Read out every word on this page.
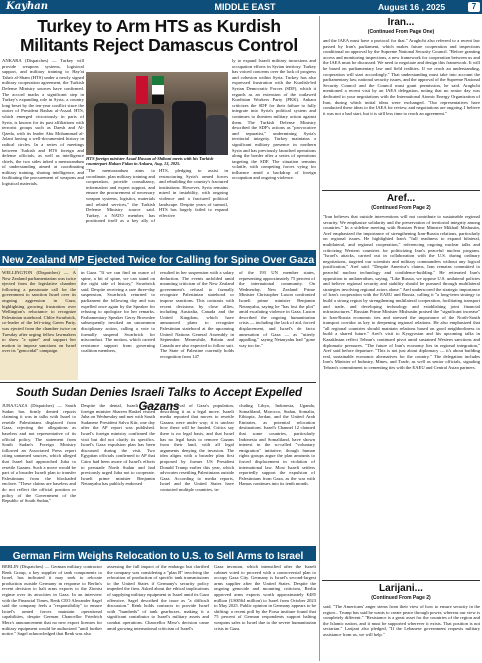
Kayhan	MIDDLE EAST	August 16 , 2025	7
Turkey to Arm HTS as Kurdish Militants Reject Damascus Control
ANKARA (Dispatches) — Turkey will provide weapons systems, logistical support, and military training to Hay'at Tahrir al-Sham (HTS) under a newly signed military cooperation agreement, the Turkish Defense Ministry sources have confirmed. The accord marks a significant step in Turkey's expanding role in Syria, a country long beset by the ten-year conflict since the ouster of President Bashar al-Assad. HTS, which emerged victoriously in parts of Syria, is known for its past affiliations with terrorist groups such as Daesh and Al-Qaeda, with its leader Abu Mohammad al-Jolani having a well-documented history in radical circles. In a series of meetings between Turkish and HTS foreign and defense officials, as well as intelligence chiefs, the two sides inked a memorandum of understanding aimed at coordinating military training, sharing intelligence, and facilitating the procurement of weapons and logistical materials.
HTS foreign minister Assad Hassan al-Shibani meets with his Turkish counterpart Hakan Fidan in Ankara, Aug. 13, 2025.
"The memorandum aims to coordinate, plan military training and cooperation, provide consultancy, information and expert support, and ensure the procurement of necessary weapon systems, logistics, materials and related services," the Turkish Defense Ministry source said. Turkey, a NATO member, has positioned itself as a key ally of HTS, pledging to assist in restructuring Syria's armed forces and rebuilding the country's fractured institutions. However, Syria remains mired in instability, with ongoing violence and a fractured political landscape. Despite years of turmoil, HTS has largely failed to expand effective
ly to expand Israeli military incursions and occupation efforts in Syrian territory. Turkey has voiced concerns over the lack of progress and cohesion within Syria. Turkey has also expressed frustration with the Kurdish-led Syrian Democratic Forces (SDF), which it regards as an extension of the outlawed Kurdistan Workers Party (PKK). Ankara criticizes the SDF for their failure to fully integrate into Syria's political system and continues to threaten military action against them. The Turkish Defense Ministry described the SDF's actions as "provocative and separatist," undermining Syria's territorial integrity. Turkey maintains a significant military presence in northern Syria and has previously launched operations along the border after a series of operations targeting the SDF. The situation remains volatile, with competing forces vying for influence amid a backdrop of foreign occupation and ongoing violence.
New Zealand MP Ejected Twice for Calling for Spine Over Gaza
WELLINGTON (Dispatches) — A New Zealand parliamentarian was twice ejected from the legislative chamber following a passionate call for the government to sanction Israel over its ongoing aggression in Gaza, highlighting growing frustration over Wellington's reluctance to recognize Palestinian statehood. Chlöe Swarbrick, co-leader of the left-wing Green Party, was ejected from the chamber twice on Tuesday after urging fellow lawmakers to show "a spine" and support her motion to impose sanctions on Israel over its "genocidal" campaign
in Gaza. "If we can find an ounce of spine, a bit of spine, we can stand on the right side of history," Swarbrick said. Despite receiving a rare three-day suspension, Swarbrick returned to parliament the following day and was expelled once again by the Speaker for refusing to apologize for her remarks. Parliamentary Speaker Gerry Brownlee subsequently invoked an uncommon disciplinary action, calling a vote to formally suspend Swarbrick for misconduct. The motion, which carried resistance support from governing coalition members,
resulted in her suspension with a salary deduction. The events unfolded amid mounting criticism of the New Zealand government's refusal to formally recognize Palestinian statehood or impose sanctions. This contrasts with recent decisions by close allies, including Australia, Canada and the United Kingdom, which have announced plans to recognize Palestinian statehood at the upcoming United Nations General Assembly in September. Meanwhile, Britain and Canada are also expected to follow suit. The State of Palestine currently holds recognition from 147
of the 193 UN member states, representing approximately 75 percent of the international community. On Wednesday, New Zealand Prime Minister Christopher Luxon confronted Israeli prime minister Benjamin Netanyahu, saying he "has lost the plot" amid escalating violence in Gaza. Luxon described the ongoing humanitarian crisis — including the lack of aid, forced displacement, and Israel's de facto annexation of Gaza — as "utterly appalling," saying Netanyahu had "gone way too far."
South Sudan Denies Israeli Talks to Accept Expelled Gazans
JUBA/GAZA (Dispatches) — South Sudan has firmly denied reports claiming it was in talks with Israel to resettle Palestinians displaced from Gaza, rejecting the allegations as baseless and not representative of its official policy. The statement from South Sudan's Foreign Ministry followed an Associated Press report citing unnamed sources, which alleged that Israel had approached Juba to resettle Gazans. Such a move would be part of a broader Israeli plan to transfer Palestinians from the blockaded enclave. "These claims are baseless and do not reflect the official position or policy of the Government of the Republic of South Sudan,"
Despite the denial, Israeli deputy foreign minister Sharren Haskel visited Juba on Wednesday and met with South Sudanese President Salva Kiir, one day after the AP report was published. Israel's foreign ministry confirmed the visit but did not clarify its specifics. Israel's Gaza expulsion plan has been discussed during the visit. Two Egyptian officials confirmed to AP that Cairo had been aware of Israel's efforts to persuade North Sudan and had previously urged Juba not to cooperate. Israeli prime minister Benjamin Netanyahu has publicly endorsed
the removal of Gaza's population, describing it as a legal move. Israeli media reported that moves to resettle Gazans were under way; it is unclear how these will be funded. Critics say there is no legal basis, and that Israel has no legal basis to remove Gazans from their land, with all legal arguments denying the invasion. The idea aligns with a broader plan first proposed by former US President Donald Trump earlier this year, which advocates resettling Palestinians outside Gaza. According to media reports, Israel and the United States have contacted multiple countries, in-
cluding Libya, Indonesia, Uganda, Somaliland, Morocco, Sudan, Somalia, Ethiopia, Jordan, and the United Arab Emirates, as potential relocation destinations. Israel's Channel 12 claimed that some countries, particularly Indonesia and Somaliland, have shown interest in the so-called "voluntary emigration" initiative, though human rights groups argue the plan amounts to forced displacement in violation of international law. Most Israeli settlers reportedly support the expulsion of Palestinians from Gaza, as the war with Hamas continues into its tenth month.
German Firm Weighs Relocation to U.S. to Sell Arms to Israel
BERLIN (Dispatches) — German military contractor Renk Group, a key supplier of tank components to Israel, has indicated it may seek to relocate production outside Germany in response to Berlin's recent decision to halt arms exports to the Zionist regime over its atrocities in Gaza. In an interview with the Financial Times, Renk CEO Alexander Sagel said the company feels a "responsibility" to ensure Israel's armed forces maintain operational capabilities, despite German Chancellor Friedrich Merz's announcement that no new export licenses for military equipment would be authorized "until further notice." Sagel acknowledged that Renk was also
assessing the full impact of the embargo but clarified the company was considering a "plan B" involving the relocation of production of specific tank transmissions to the United States if Germany's security policy impeded the firm. Asked about the ethical implications of supplying military equipment to Israel amid its Gaza offensive, Sagel described the issue as "a difficult discussion." Renk holds contracts to provide Israel with "hundreds" of tank gearboxes, making it a significant contributor to Israel's military assets and combat operations. Chancellor Merz's decision came amid growing international criticism of Israel's
Gaza invasion, which intensified after the Israeli cabinet voted to proceed with a controversial plan to occupy Gaza City. Germany is Israel's second-largest arms supplier after the United States. Despite the ongoing genocide and mounting criticism, Berlin approved arms exports worth approximately €485 million (US$564 million) to Israel from October 2023 to May 2025. Public opinion in Germany appears to be shifting: a recent poll by the Forsa institute found that 75 percent of German respondents support halting weapons sales to Israel due to the severe humanitarian crisis in Gaza.
Iran...
(Continued From Page One)
and the IAEA must have a protocol for that." Araghchi also referred to a recent law passed by Iran's parliament, which makes future cooperation and inspections conditional on approval by the Supreme National Security Council. "Before granting access and monitoring inspections, a new framework for cooperation between us and the IAEA must be discussed. We need to negotiate and design this framework. It will be based on parliamentary law and field realities. If we reach an understanding, cooperation will start accordingly." That understanding must take into account the parliamentary law, national security issues, and the approval of the Supreme National Security Council and the Council must grant permission, he said. Araghchi mentioned a recent visit by an IAEA delegation, noting that no senior day was dedicated to your negotiations with the International Atomic Energy Organization of Iran, during which initial ideas were exchanged. "Our representatives have conducted these ideas to the IAEA for review, and negotiations are ongoing. I believe it was not a bad start, but it is still less time to reach an agreement."
Aref...
(Continued From Page 2)
"Iran believes that outside interventions will not contribute to sustainable regional security. We emphasize solidarity and the preservation of territorial integrity among countries." In a sideline meeting with Russian Prime Minister Mikhail Mishustin, Aref emphasized the importance of strengthening Iran-Russia relations, particularly on regional issues. He highlighted Iran's "full readiness to expand bilateral, multilateral, and regional cooperation," referencing ongoing nuclear talks and criticizing Western countries for politicizing Iran's peaceful nuclear program. "Israel's attacks, carried out in collaboration with the U.S. during ordinary negotiations, targeted our scientists and military commanders without any logical justification," Aref said. "Despite America's claims, Iran remains committed to peaceful nuclear technology and confidence-building." He reiterated Iran's opposition to unilateralism, saying, "Like Russia, we oppose U.S. unilateral policies and believe regional security and stability should be pursued through multilateral strategies involving regional actors alone." Aref underscored the strategic importance of Iran's cooperation with the EAEU and Russia, calling it "a long-term strategy to build a strong region by strengthening multilateral cooperation, facilitating transport and trade, and developing technology and establishing joint financial infrastructures." Russian Prime Minister Mishustin praised the "significant increase" in Iran-Russia economic ties and stressed the importance of the North-South transport corridor as key to deepening regional relations. He also emphasized that "all regional countries should maintain relations based on good neighborliness to build a shared future." Aref's visit to Kyrgyzstan and his upcoming talks in Kazakhstan reflect Tehran's continued pivot amid sustained Western sanctions and diplomatic pressures. "The future of Iran's economy lies in regional integration," Aref said before departure. "This is not just about diplomacy — it's about building real, sustainable economic alternatives for the country." The delegation includes Iran's Minister of Industry, Mines, and Trade, as well as senior officials, signaling Tehran's commitment to cementing ties with the EAEU and Central Asian partners.
Larijani...
(Continued From Page 2)
said, "The Americans' anger stems from their view of how to ensure security in the region... Trump has said he wants to create peace through power, whereas our view is completely different." "Resistance is a great asset for the countries of the region and the Islamic nation, and it must be supported wherever it exists. That position is not sectarian." Larijani also pledged, "If the Lebanese government requests military assistance from us, we will help."
